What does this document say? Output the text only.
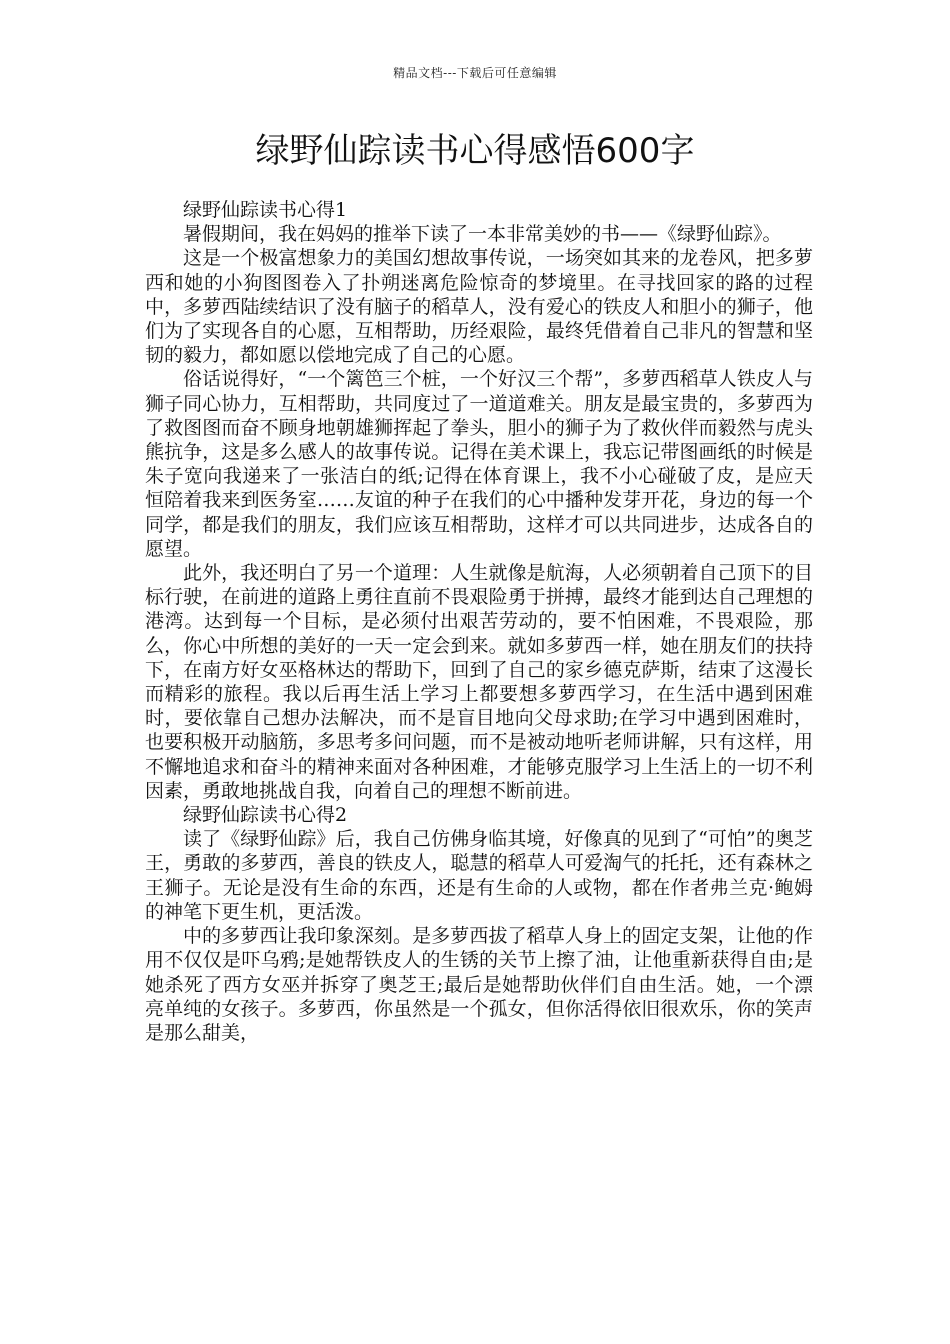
精品文档---下载后可任意编辑
绿野仙踪读书心得感悟600字

绿野仙踪读书心得1

暑假期间，我在妈妈的推举下读了一本非常美妙的书——《绿野仙踪》。

这是一个极富想象力的美国幻想故事传说，一场突如其来的龙卷风，把多萝西和她的小狗图图卷入了扑朔迷离危险惊奇的梦境里。在寻找回家的路的过程中，多萝西陆续结识了没有脑子的稻草人，没有爱心的铁皮人和胆小的狮子，他们为了实现各自的心愿，互相帮助，历经艰险，最终凭借着自己非凡的智慧和坚韧的毅力，都如愿以偿地完成了自己的心愿。

俗话说得好，“一个篱笆三个桩，一个好汉三个帮”，多萝西稻草人铁皮人与狮子同心协力，互相帮助，共同度过了一道道难关。朋友是最宝贵的，多萝西为了救图图而奋不顾身地朝雄狮挥起了拳头，胆小的狮子为了救伙伴而毅然与虎头熊抗争，这是多么感人的故事传说。记得在美术课上，我忘记带图画纸的时候是朱子宽向我递来了一张洁白的纸;记得在体育课上，我不小心碰破了皮，是应天恒陪着我来到医务室……友谊的种子在我们的心中播种发芽开花，身边的每一个同学，都是我们的朋友，我们应该互相帮助，这样才可以共同进步，达成各自的愿望。

此外，我还明白了另一个道理：人生就像是航海，人必须朝着自己顶下的目标行驶，在前进的道路上勇往直前不畏艰险勇于拼搏，最终才能到达自己理想的港湾。达到每一个目标，是必须付出艰苦劳动的，要不怕困难，不畏艰险，那么，你心中所想的美好的一天一定会到来。就如多萝西一样，她在朋友们的扶持下，在南方好女巫格林达的帮助下，回到了自己的家乡德克萨斯，结束了这漫长而精彩的旅程。我以后再生活上学习上都要想多萝西学习，在生活中遇到困难时，要依靠自己想办法解决，而不是盲目地向父母求助;在学习中遇到困难时，也要积极开动脑筋，多思考多问问题，而不是被动地听老师讲解，只有这样，用不懈地追求和奋斗的精神来面对各种困难，才能够克服学习上生活上的一切不利因素，勇敢地挑战自我，向着自己的理想不断前进。

绿野仙踪读书心得2

读了《绿野仙踪》后，我自己仿佛身临其境，好像真的见到了“可怕”的奥芝王，勇敢的多萝西，善良的铁皮人，聪慧的稻草人可爱淘气的托托，还有森林之王狮子。无论是没有生命的东西，还是有生命的人或物，都在作者弗兰克·鲍姆的神笔下更生机，更活泼。

中的多萝西让我印象深刻。是多萝西拔了稻草人身上的固定支架，让他的作用不仅仅是吓乌鸦;是她帮铁皮人的生锈的关节上擦了油，让他重新获得自由;是她杀死了西方女巫并拆穿了奥芝王;最后是她帮助伙伴们自由生活。她，一个漂亮单纯的女孩子。多萝西，你虽然是一个孤女，但你活得依旧很欢乐，你的笑声是那么甜美，
